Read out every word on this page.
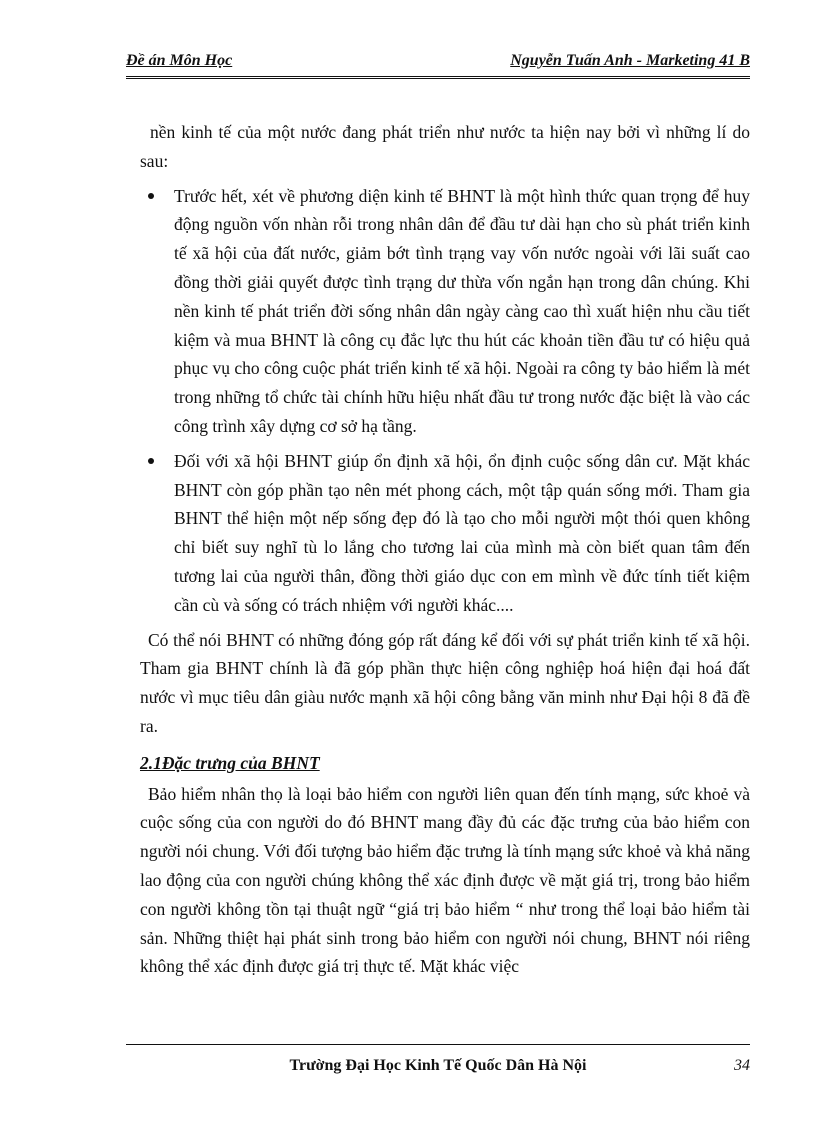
Đề án Môn Học	Nguyễn Tuấn Anh - Marketing 41 B

nền kinh tế của một nước đang phát triển như nước ta hiện nay bởi vì những lí do sau:

Trước hết, xét về phương diện kinh tế BHNT là một hình thức quan trọng để huy động nguồn vốn nhàn rỗi trong nhân dân để đầu tư dài hạn cho sù phát triển kinh tế xã hội của đất nước, giảm bớt tình trạng vay vốn nước ngoài với lãi suất cao đồng thời giải quyết được tình trạng dư thừa vốn ngắn hạn trong dân chúng. Khi nền kinh tế phát triển đời sống nhân dân ngày càng cao thì xuất hiện nhu cầu tiết kiệm và mua BHNT là công cụ đắc lực thu hút các khoản tiền đầu tư có hiệu quả phục vụ cho công cuộc phát triển kinh tế xã hội. Ngoài ra công ty bảo hiểm là mét trong những tổ chức tài chính hữu hiệu nhất đầu tư trong nước đặc biệt là vào các công trình xây dựng cơ sở hạ tầng.
Đối với xã hội BHNT giúp ổn định xã hội, ổn định cuộc sống dân cư. Mặt khác BHNT còn góp phần tạo nên mét phong cách, một tập quán sống mới. Tham gia BHNT thể hiện một nếp sống đẹp đó là tạo cho mỗi người một thói quen không chỉ biết suy nghĩ tù lo lắng cho tương lai của mình mà còn biết quan tâm đến tương lai của người thân, đồng thời giáo dục con em mình về đức tính tiết kiệm cần cù và sống có trách nhiệm với người khác....

Có thể nói BHNT có những đóng góp rất đáng kể đối với sự phát triển kinh tế xã hội. Tham gia BHNT chính là đã góp phần thực hiện công nghiệp hoá hiện đại hoá đất nước vì mục tiêu dân giàu nước mạnh xã hội công bằng văn minh như Đại hội 8 đã đề ra.

2.1Đặc trưng của BHNT

Bảo hiểm nhân thọ là loại bảo hiểm con người liên quan đến tính mạng, sức khoẻ và cuộc sống của con người do đó BHNT mang đầy đủ các đặc trưng của bảo hiểm con người nói chung. Với đối tượng bảo hiểm đặc trưng là tính mạng sức khoẻ và khả năng lao động của con người chúng không thể xác định được về mặt giá trị, trong bảo hiểm con người không tồn tại thuật ngữ “giá trị bảo hiểm “ như trong thể loại bảo hiểm tài sản. Những thiệt hại phát sinh trong bảo hiểm con người nói chung, BHNT nói riêng không thể xác định được giá trị thực tế. Mặt khác việc

Trường Đại Học Kinh Tế Quốc Dân Hà Nội	34
